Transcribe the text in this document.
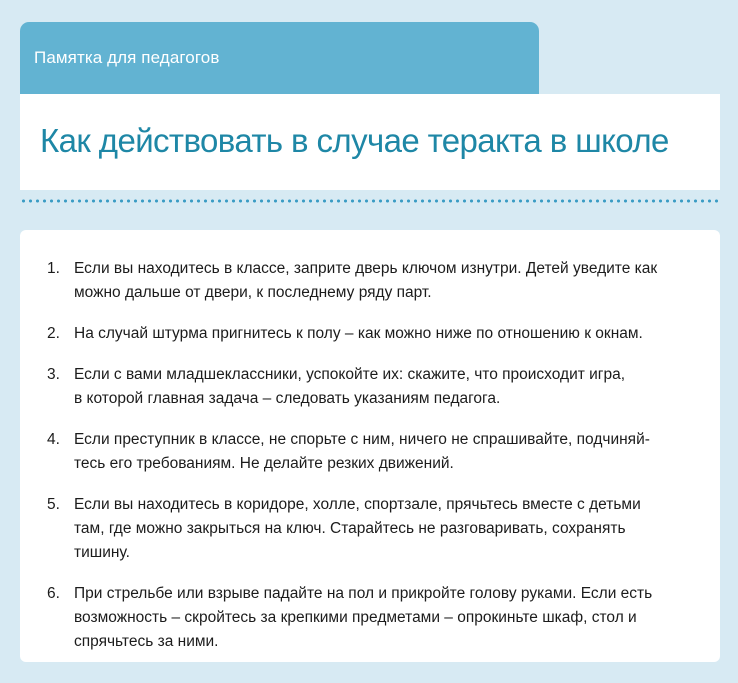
Памятка для педагогов
Как действовать в случае теракта в школе
1. Если вы находитесь в классе, заприте дверь ключом изнутри. Детей уведите как
можно дальше от двери, к последнему ряду парт.
2. На случай штурма пригнитесь к полу – как можно ниже по отношению к окнам.
3. Если с вами младшеклассники, успокойте их: скажите, что происходит игра,
в которой главная задача – следовать указаниям педагога.
4. Если преступник в классе, не спорьте с ним, ничего не спрашивайте, подчиняй-
тесь его требованиям. Не делайте резких движений.
5. Если вы находитесь в коридоре, холле, спортзале, прячьтесь вместе с детьми
там, где можно закрыться на ключ. Старайтесь не разговаривать, сохранять
тишину.
6. При стрельбе или взрыве падайте на пол и прикройте голову руками. Если есть
возможность – скройтесь за крепкими предметами – опрокиньте шкаф, стол и
спрячьтесь за ними.
